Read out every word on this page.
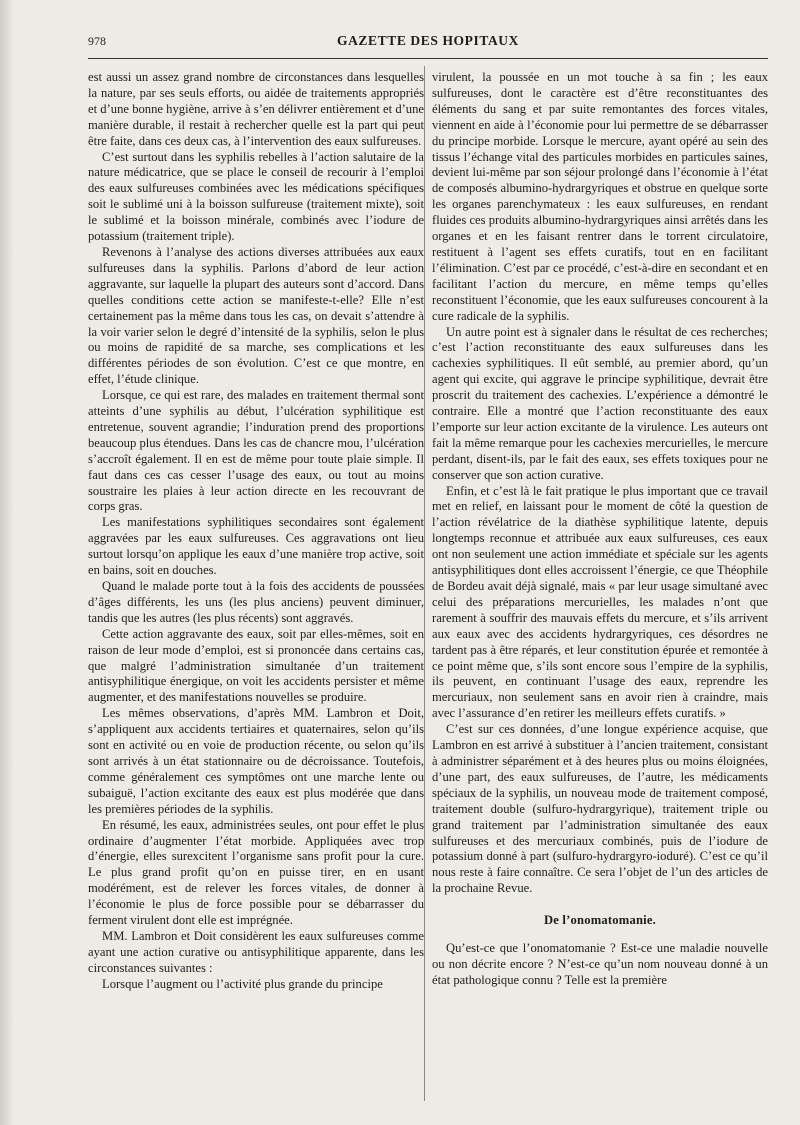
978	GAZETTE DES HOPITAUX

est aussi un assez grand nombre de circonstances dans lesquelles la nature, par ses seuls efforts, ou aidée de traitements appropriés et d’une bonne hygiène, arrive à s’en délivrer entièrement et d’une manière durable, il restait à rechercher quelle est la part qui peut être faite, dans ces deux cas, à l’intervention des eaux sulfureuses.

C’est surtout dans les syphilis rebelles à l’action salutaire de la nature médicatrice, que se place le conseil de recourir à l’emploi des eaux sulfureuses combinées avec les médications spécifiques soit le sublimé uni à la boisson sulfureuse (traitement mixte), soit le sublimé et la boisson minérale, combinés avec l’iodure de potassium (traitement triple).

Revenons à l’analyse des actions diverses attribuées aux eaux sulfureuses dans la syphilis. Parlons d’abord de leur action aggravante, sur laquelle la plupart des auteurs sont d’accord. Dans quelles conditions cette action se manifeste-t-elle? Elle n’est certainement pas la même dans tous les cas, on devait s’attendre à la voir varier selon le degré d’intensité de la syphilis, selon le plus ou moins de rapidité de sa marche, ses complications et les différentes périodes de son évolution. C’est ce que montre, en effet, l’étude clinique.

Lorsque, ce qui est rare, des malades en traitement thermal sont atteints d’une syphilis au début, l’ulcération syphilitique est entretenue, souvent agrandie; l’induration prend des proportions beaucoup plus étendues. Dans les cas de chancre mou, l’ulcération s’accroît également. Il en est de même pour toute plaie simple. Il faut dans ces cas cesser l’usage des eaux, ou tout au moins soustraire les plaies à leur action directe en les recouvrant de corps gras.

Les manifestations syphilitiques secondaires sont également aggravées par les eaux sulfureuses. Ces aggravations ont lieu surtout lorsqu’on applique les eaux d’une manière trop active, soit en bains, soit en douches.

Quand le malade porte tout à la fois des accidents de poussées d’âges différents, les uns (les plus anciens) peuvent diminuer, tandis que les autres (les plus récents) sont aggravés.

Cette action aggravante des eaux, soit par elles-mêmes, soit en raison de leur mode d’emploi, est si prononcée dans certains cas, que malgré l’administration simultanée d’un traitement antisyphilitique énergique, on voit les accidents persister et même augmenter, et des manifestations nouvelles se produire.

Les mêmes observations, d’après MM. Lambron et Doit, s’appliquent aux accidents tertiaires et quaternaires, selon qu’ils sont en activité ou en voie de production récente, ou selon qu’ils sont arrivés à un état stationnaire ou de décroissance. Toutefois, comme généralement ces symptômes ont une marche lente ou subaiguë, l’action excitante des eaux est plus modérée que dans les premières périodes de la syphilis.

En résumé, les eaux, administrées seules, ont pour effet le plus ordinaire d’augmenter l’état morbide. Appliquées avec trop d’énergie, elles surexcitent l’organisme sans profit pour la cure. Le plus grand profit qu’on en puisse tirer, en en usant modérément, est de relever les forces vitales, de donner à l’économie le plus de force possible pour se débarrasser du ferment virulent dont elle est imprégnée.

MM. Lambron et Doit considèrent les eaux sulfureuses comme ayant une action curative ou antisyphilitique apparente, dans les circonstances suivantes :

Lorsque l’augment ou l’activité plus grande du principe

virulent, la poussée en un mot touche à sa fin ; les eaux sulfureuses, dont le caractère est d’être reconstituantes des éléments du sang et par suite remontantes des forces vitales, viennent en aide à l’économie pour lui permettre de se débarrasser du principe morbide. Lorsque le mercure, ayant opéré au sein des tissus l’échange vital des particules morbides en particules saines, devient lui-même par son séjour prolongé dans l’économie à l’état de composés albumino-hydrargyriques et obstrue en quelque sorte les organes parenchymateux : les eaux sulfureuses, en rendant fluides ces produits albumino-hydrargyriques ainsi arrêtés dans les organes et en les faisant rentrer dans le torrent circulatoire, restituent à l’agent ses effets curatifs, tout en en facilitant l’élimination. C’est par ce procédé, c’est-à-dire en secondant et en facilitant l’action du mercure, en même temps qu’elles reconstituent l’économie, que les eaux sulfureuses concourent à la cure radicale de la syphilis.

Un autre point est à signaler dans le résultat de ces recherches; c’est l’action reconstituante des eaux sulfureuses dans les cachexies syphilitiques. Il eût semblé, au premier abord, qu’un agent qui excite, qui aggrave le principe syphilitique, devrait être proscrit du traitement des cachexies. L’expérience a démontré le contraire. Elle a montré que l’action reconstituante des eaux l’emporte sur leur action excitante de la virulence. Les auteurs ont fait la même remarque pour les cachexies mercurielles, le mercure perdant, disent-ils, par le fait des eaux, ses effets toxiques pour ne conserver que son action curative.

Enfin, et c’est là le fait pratique le plus important que ce travail met en relief, en laissant pour le moment de côté la question de l’action révélatrice de la diathèse syphilitique latente, depuis longtemps reconnue et attribuée aux eaux sulfureuses, ces eaux ont non seulement une action immédiate et spéciale sur les agents antisyphilitiques dont elles accroissent l’énergie, ce que Théophile de Bordeu avait déjà signalé, mais « par leur usage simultané avec celui des préparations mercurielles, les malades n’ont que rarement à souffrir des mauvais effets du mercure, et s’ils arrivent aux eaux avec des accidents hydrargyriques, ces désordres ne tardent pas à être réparés, et leur constitution épurée et remontée à ce point même que, s’ils sont encore sous l’empire de la syphilis, ils peuvent, en continuant l’usage des eaux, reprendre les mercuriaux, non seulement sans en avoir rien à craindre, mais avec l’assurance d’en retirer les meilleurs effets curatifs. »

C’est sur ces données, d’une longue expérience acquise, que Lambron en est arrivé à substituer à l’ancien traitement, consistant à administrer séparément et à des heures plus ou moins éloignées, d’une part, des eaux sulfureuses, de l’autre, les médicaments spéciaux de la syphilis, un nouveau mode de traitement composé, traitement double (sulfuro-hydrargyrique), traitement triple ou grand traitement par l’administration simultanée des eaux sulfureuses et des mercuriaux combinés, puis de l’iodure de potassium donné à part (sulfuro-hydrargyro-ioduré). C’est ce qu’il nous reste à faire connaître. Ce sera l’objet de l’un des articles de la prochaine Revue.

De l’onomatomanie.

Qu’est-ce que l’onomatomanie ? Est-ce une maladie nouvelle ou non décrite encore ? N’est-ce qu’un nom nouveau donné à un état pathologique connu ? Telle est la première
